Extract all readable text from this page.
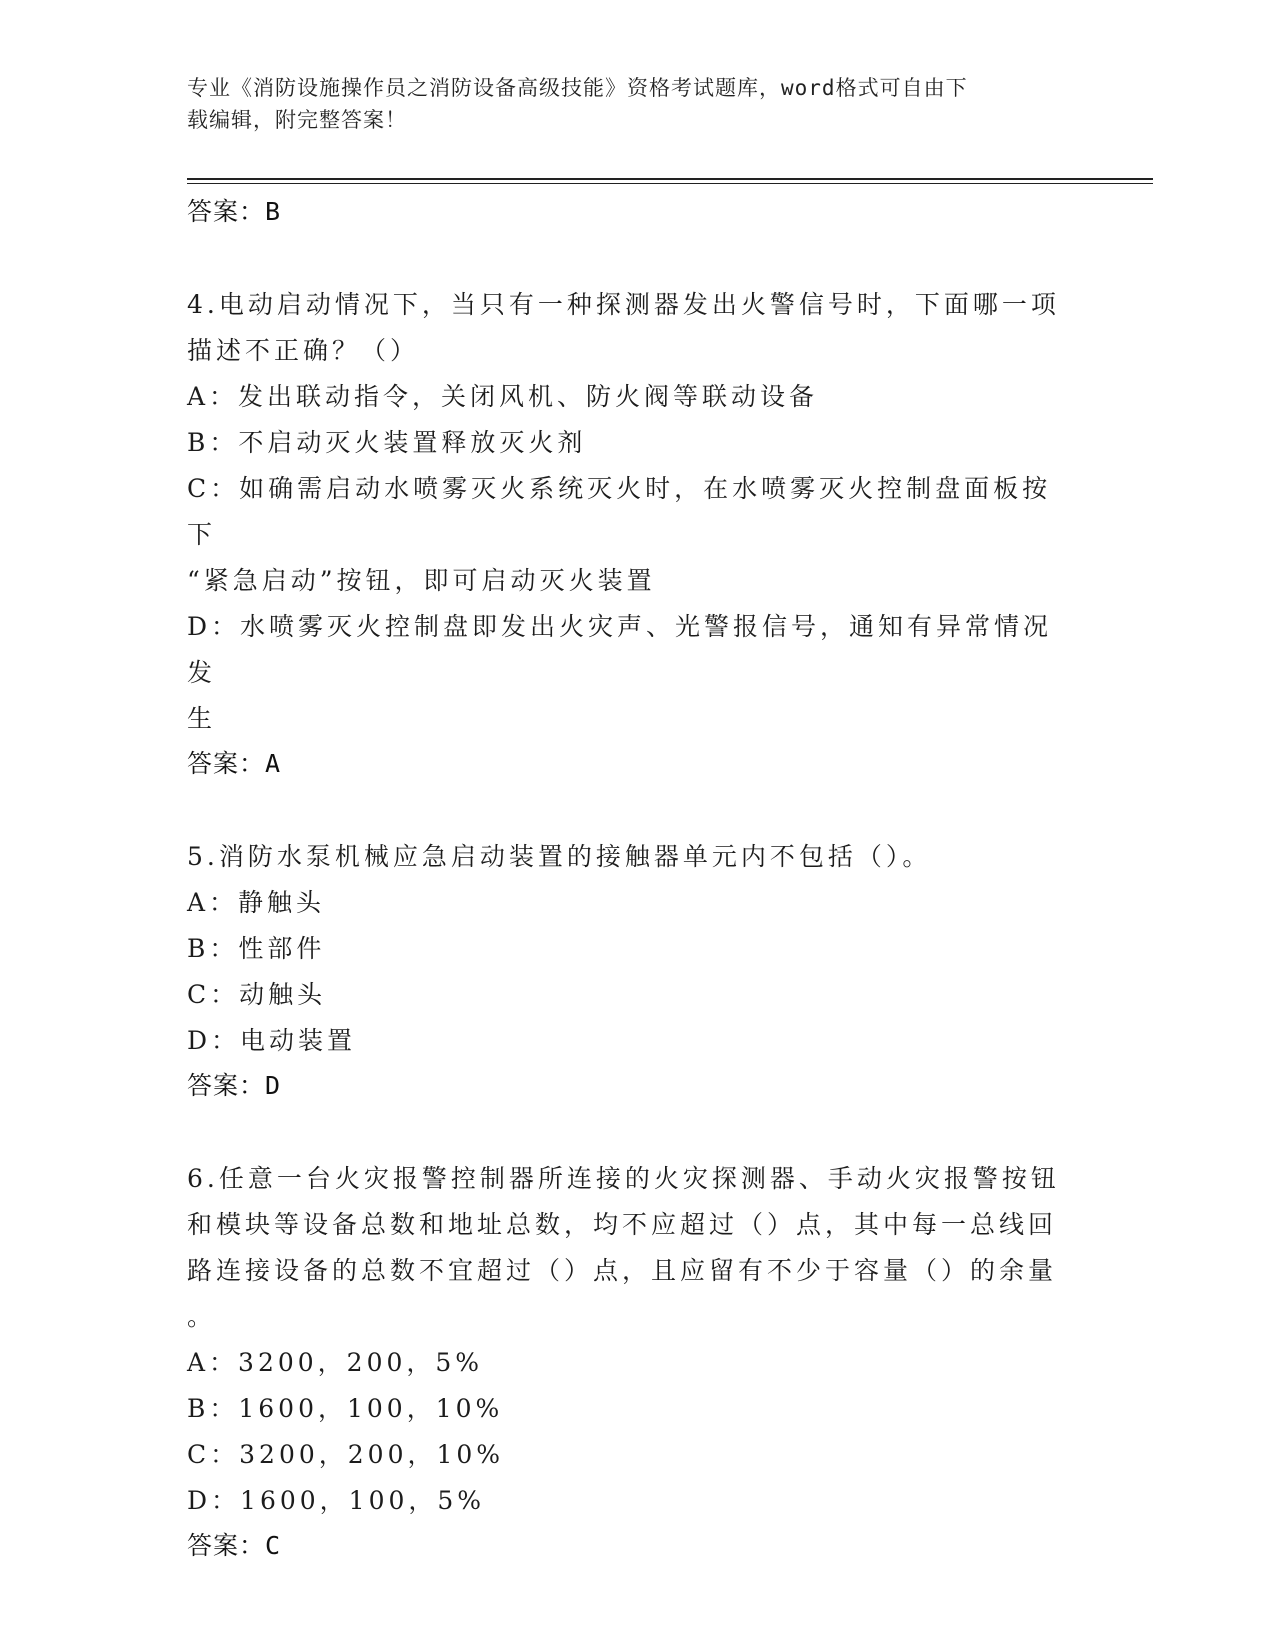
专业《消防设施操作员之消防设备高级技能》资格考试题库，word格式可自由下
载编辑，附完整答案！
答案：B
4.电动启动情况下，当只有一种探测器发出火警信号时，下面哪一项
描述不正确？（）
A：发出联动指令，关闭风机、防火阀等联动设备
B：不启动灭火装置释放灭火剂
C：如确需启动水喷雾灭火系统灭火时，在水喷雾灭火控制盘面板按下
“紧急启动”按钮，即可启动灭火装置
D：水喷雾灭火控制盘即发出火灾声、光警报信号，通知有异常情况发
生
答案：A
5.消防水泵机械应急启动装置的接触器单元内不包括（）。
A：静触头
B：性部件
C：动触头
D：电动装置
答案：D
6.任意一台火灾报警控制器所连接的火灾探测器、手动火灾报警按钮
和模块等设备总数和地址总数，均不应超过（）点，其中每一总线回
路连接设备的总数不宜超过（）点，且应留有不少于容量（）的余量
。
A：3200，200，5%
B：1600，100，10%
C：3200，200，10%
D：1600，100，5%
答案：C
